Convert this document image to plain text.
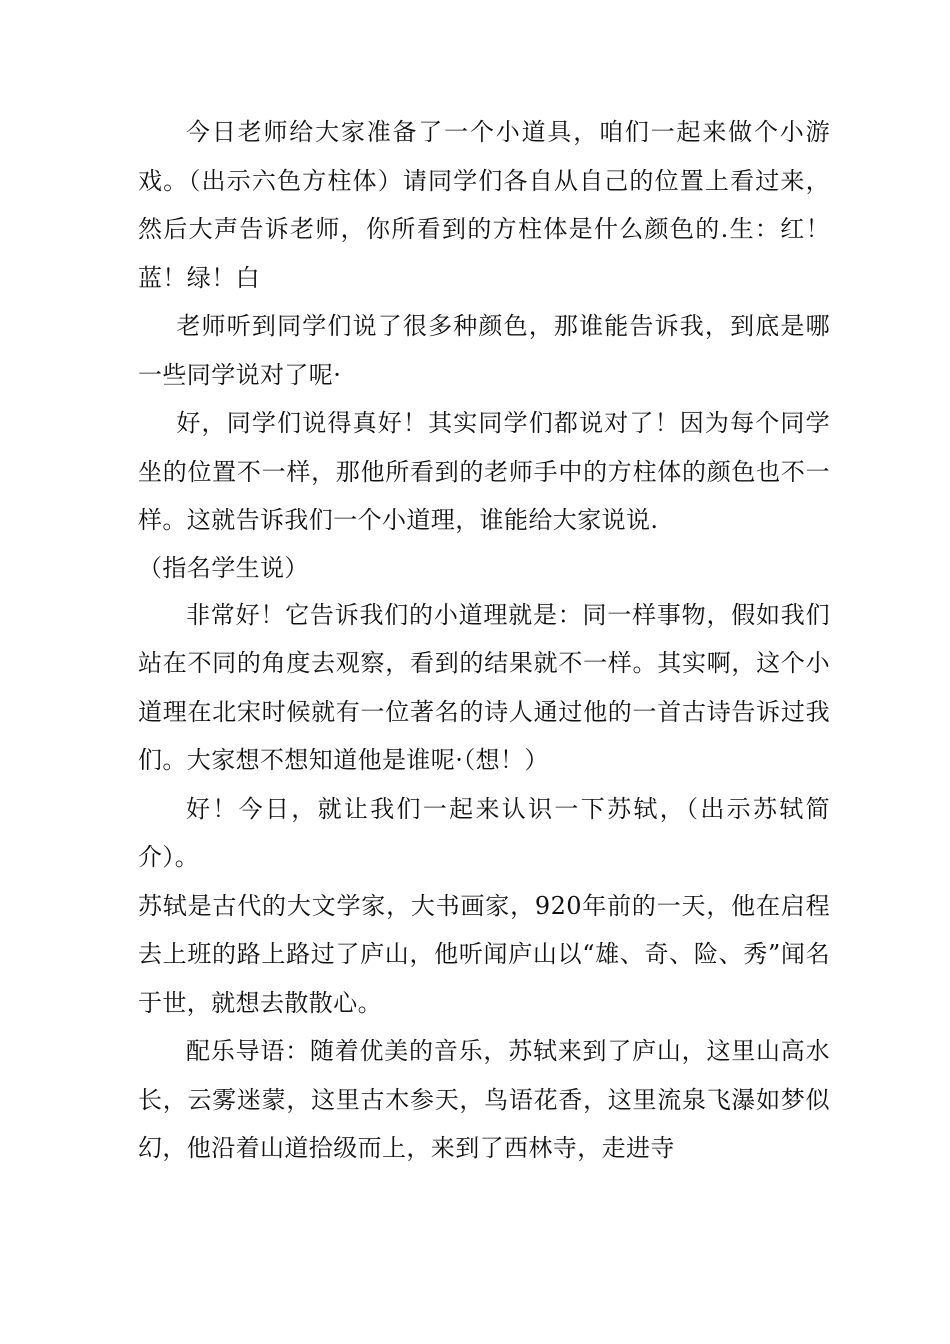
今日老师给大家准备了一个小道具，咱们一起来做个小游戏。（出示六色方柱体）请同学们各自从自己的位置上看过来，然后大声告诉老师，你所看到的方柱体是什么颜色的.生：红！蓝！绿！白

老师听到同学们说了很多种颜色，那谁能告诉我，到底是哪一些同学说对了呢·

好，同学们说得真好！其实同学们都说对了！因为每个同学坐的位置不一样，那他所看到的老师手中的方柱体的颜色也不一样。这就告诉我们一个小道理，谁能给大家说说.

（指名学生说）

非常好！它告诉我们的小道理就是：同一样事物，假如我们站在不同的角度去观察，看到的结果就不一样。其实啊，这个小道理在北宋时候就有一位著名的诗人通过他的一首古诗告诉过我们。大家想不想知道他是谁呢·（想！）

好！今日，就让我们一起来认识一下苏轼，（出示苏轼简介）。

苏轼是古代的大文学家，大书画家，920年前的一天，他在启程去上班的路上路过了庐山，他听闻庐山以“雄、奇、险、秀”闻名于世，就想去散散心。

配乐导语：随着优美的音乐，苏轼来到了庐山，这里山高水长，云雾迷蒙，这里古木参天，鸟语花香，这里流泉飞瀑如梦似幻，他沿着山道拾级而上，来到了西林寺，走进寺
